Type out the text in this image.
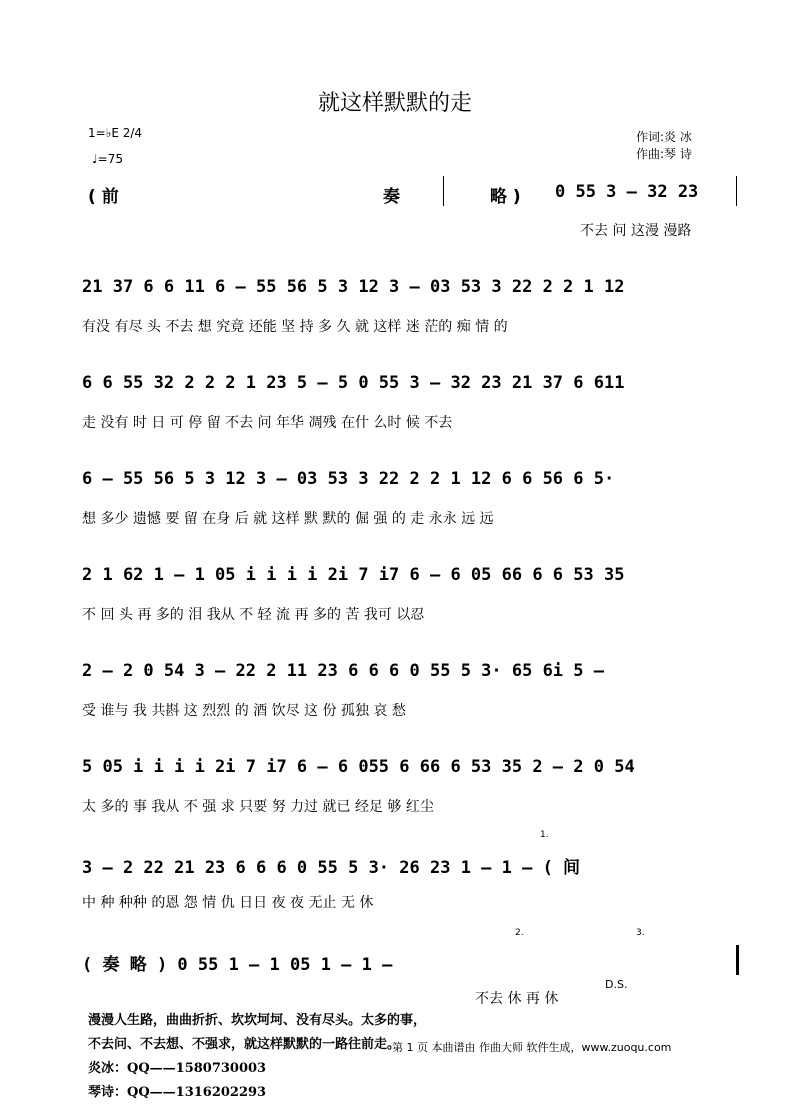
就这样默默的走
1=♭E 2/4
♩=75
作词:炎 冰
作曲:琴 诗
( 前	奏	略 ) 0 55 3 – 32 23
不去 问 这漫 漫路
21 37 6 6 11 6 – 55 56 5 3 12 3 – 03 53 3 22 2 2 1 12
有没 有尽 头 不去 想 究竟 还能 坚 持 多 久 就 这样 迷 茫的 痴 情 的
6 6 55 32 2 2 2 1 23 5 – 5 0 55 3 – 32 23 21 37 6 611
走 没有 时 日 可 停 留 不去 问 年华 凋残 在什 么时 候 不去
6 – 55 56 5 3 12 3 – 03 53 3 22 2 2 1 12 6 6 56 6 5·
想 多少 遗憾 要 留 在身 后 就 这样 默 默的 倔 强 的 走 永永 远 远
2 1 62 1 – 1 05 i i i i 2i 7 i7 6 – 6 05 66 6 6 53 35
不 回 头 再 多的 泪 我从 不 轻 流 再 多的 苦 我可 以忍
2 – 2 0 54 3 – 22 2 11 23 6 6 6 0 55 5 3· 65 6i 5 –
受 谁与 我 共斟 这 烈烈 的 酒 饮尽 这 份 孤独 哀 愁
5 05 i i i i 2i 7 i7 6 – 6 055 6 66 6 53 35 2 – 2 0 54
太 多的 事 我从 不 强 求 只要 努 力过 就已 经足 够 红尘
1.
3 – 2 22 21 23 6 6 6 0 55 5 3· 26 23 1 – 1 – ( 间
中 种 种种 的恩 怨 情 仇 日日 夜 夜 无止 无 休
2.	3.
( 奏 略 ) 0 55 1 – 1 05 1 – 1 –
D.S.
不去 休 再 休
漫漫人生路，曲曲折折、坎坎坷坷、没有尽头。太多的事，
不去问、不去想、不强求，就这样默默的一路往前走。
炎冰：QQ——1580730003
琴诗：QQ——1316202293
第 1 页 本曲谱由 作曲大师 软件生成，www.zuoqu.com
